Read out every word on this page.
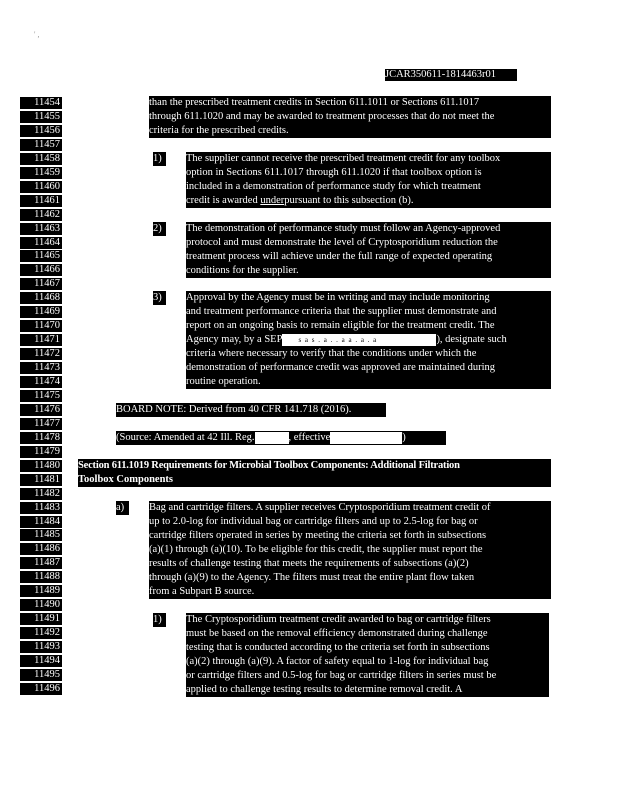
' ,
JCAR350611-1814463r01
11454
11455
11456
11457
11458
11459
11460
11461
11462
11463
11464
11465
11466
11467
11468
11469
11470
11471
11472
11473
11474
11475
11476
11477
11478
11479
11480
11481
11482
11483
11484
11485
11486
11487
11488
11489
11490
11491
11492
11493
11494
11495
11496
than the prescribed treatment credits in Section 611.1011 or Sections 611.1017
through 611.1020 and may be awarded to treatment processes that do not meet the
criteria for the prescribed credits.
1)	The supplier cannot receive the prescribed treatment credit for any toolbox
option in Sections 611.1017 through 611.1020 if that toolbox option is
included in a demonstration of performance study for which treatment
credit is awarded underpursuant to this subsection (b).
2)	The demonstration of performance study must follow an Agency-approved
protocol and must demonstrate the level of Cryptosporidium reduction the
treatment process will achieve under the full range of expected operating
conditions for the supplier.
3)	Approval by the Agency must be in writing and may include monitoring
and treatment performance criteria that the supplier must demonstrate and
report on an ongoing basis to remain eligible for the treatment credit. The
Agency may, by a SEP s a s . a . . a a . a . a	), designate such
criteria where necessary to verify that the conditions under which the
demonstration of performance credit was approved are maintained during
routine operation.
BOARD NOTE: Derived from 40 CFR 141.718 (2016).
(Source: Amended at 42 Ill. Reg.	, effective	)
Section 611.1019 Requirements for Microbial Toolbox Components: Additional Filtration
Toolbox Components
a)	Bag and cartridge filters. A supplier receives Cryptosporidium treatment credit of
up to 2.0-log for individual bag or cartridge filters and up to 2.5-log for bag or
cartridge filters operated in series by meeting the criteria set forth in subsections
(a)(1) through (a)(10). To be eligible for this credit, the supplier must report the
results of challenge testing that meets the requirements of subsections (a)(2)
through (a)(9) to the Agency. The filters must treat the entire plant flow taken
from a Subpart B source.
1)	The Cryptosporidium treatment credit awarded to bag or cartridge filters
must be based on the removal efficiency demonstrated during challenge
testing that is conducted according to the criteria set forth in subsections
(a)(2) through (a)(9). A factor of safety equal to 1-log for individual bag
or cartridge filters and 0.5-log for bag or cartridge filters in series must be
applied to challenge testing results to determine removal credit. A
